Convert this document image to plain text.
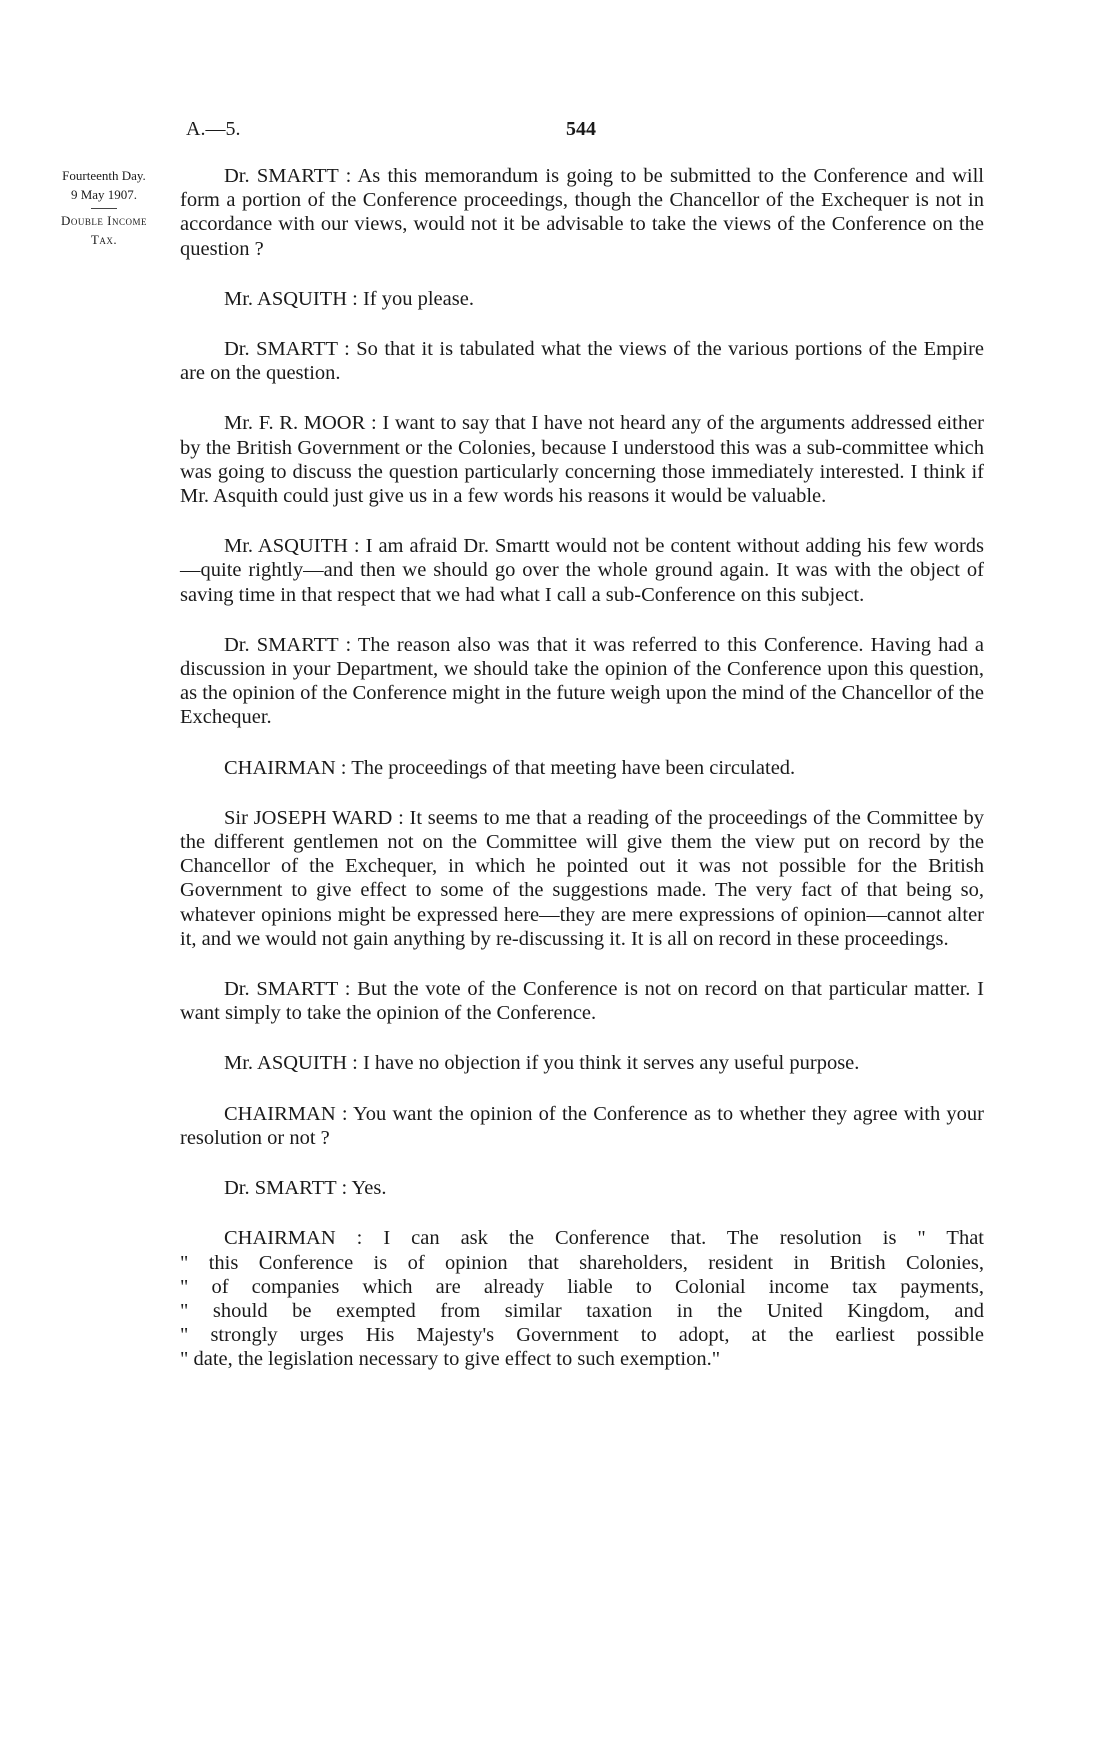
A.—5.	544
Fourteenth Day.
9 May 1907.
Double Income
Tax.

Dr. SMARTT : As this memorandum is going to be submitted to the Conference and will form a portion of the Conference proceedings, though the Chancellor of the Exchequer is not in accordance with our views, would not it be advisable to take the views of the Conference on the question ?

Mr. ASQUITH : If you please.

Dr. SMARTT : So that it is tabulated what the views of the various portions of the Empire are on the question.

Mr. F. R. MOOR : I want to say that I have not heard any of the arguments addressed either by the British Government or the Colonies, because I understood this was a sub-committee which was going to discuss the question particularly concerning those immediately interested. I think if Mr. Asquith could just give us in a few words his reasons it would be valuable.

Mr. ASQUITH : I am afraid Dr. Smartt would not be content without adding his few words—quite rightly—and then we should go over the whole ground again. It was with the object of saving time in that respect that we had what I call a sub-Conference on this subject.

Dr. SMARTT : The reason also was that it was referred to this Conference. Having had a discussion in your Department, we should take the opinion of the Conference upon this question, as the opinion of the Conference might in the future weigh upon the mind of the Chancellor of the Exchequer.

CHAIRMAN : The proceedings of that meeting have been circulated.

Sir JOSEPH WARD : It seems to me that a reading of the proceedings of the Committee by the different gentlemen not on the Committee will give them the view put on record by the Chancellor of the Exchequer, in which he pointed out it was not possible for the British Government to give effect to some of the suggestions made. The very fact of that being so, whatever opinions might be expressed here—they are mere expressions of opinion—cannot alter it, and we would not gain anything by re-discussing it. It is all on record in these proceedings.

Dr. SMARTT : But the vote of the Conference is not on record on that particular matter. I want simply to take the opinion of the Conference.

Mr. ASQUITH : I have no objection if you think it serves any useful purpose.

CHAIRMAN : You want the opinion of the Conference as to whether they agree with your resolution or not ?

Dr. SMARTT : Yes.

CHAIRMAN : I can ask the Conference that. The resolution is " That
" this Conference is of opinion that shareholders, resident in British Colonies,
" of companies which are already liable to Colonial income tax payments,
" should be exempted from similar taxation in the United Kingdom, and
" strongly urges His Majesty's Government to adopt, at the earliest possible
" date, the legislation necessary to give effect to such exemption."
